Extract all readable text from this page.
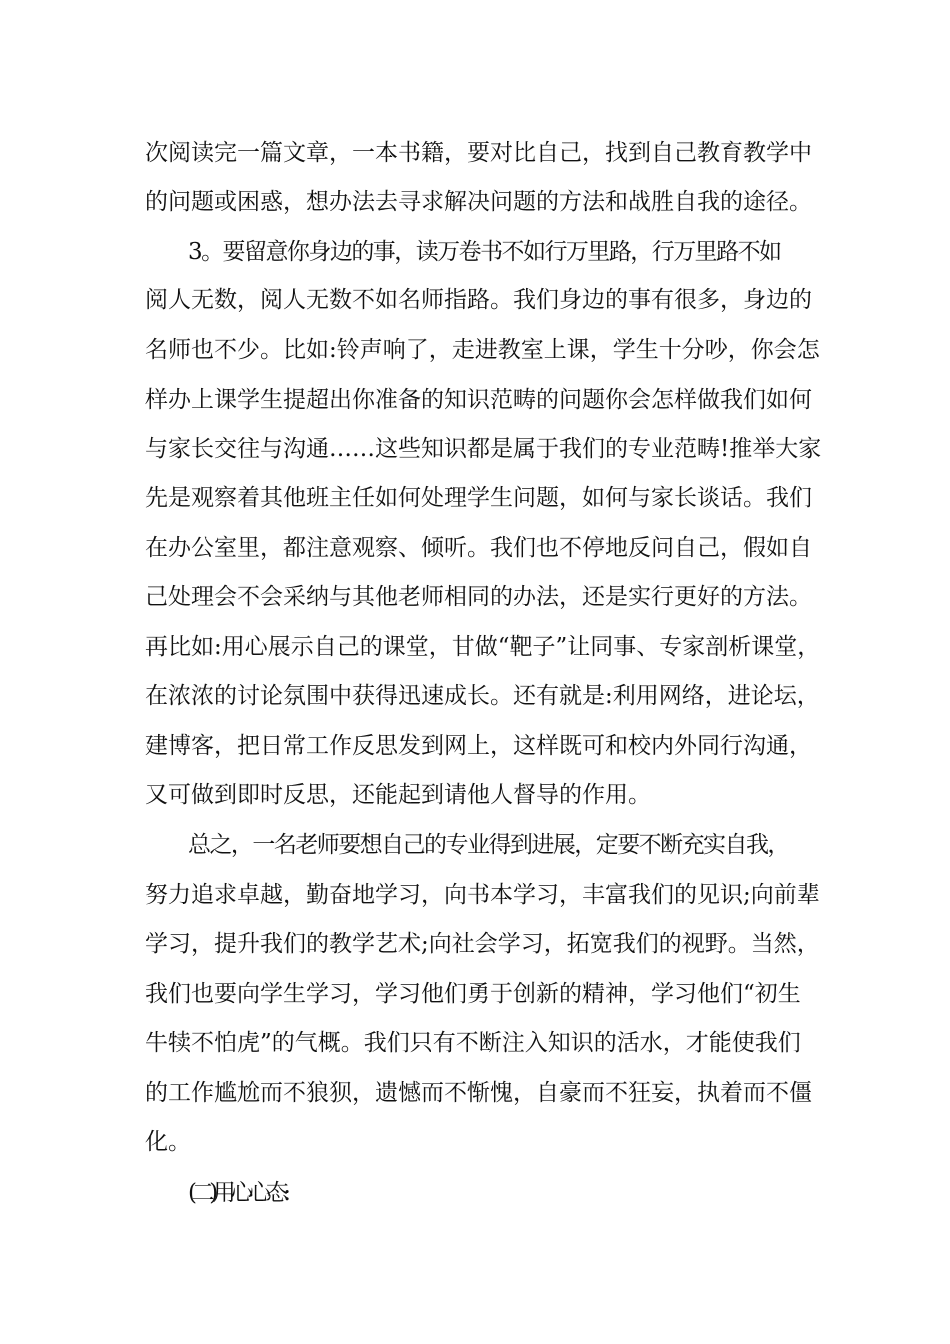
次阅读完一篇文章，一本书籍，要对比自己，找到自己教育教学中
的问题或困惑，想办法去寻求解决问题的方法和战胜自我的途径。
3。要留意你身边的事，读万卷书不如行万里路，行万里路不如
阅人无数，阅人无数不如名师指路。我们身边的事有很多，身边的
名师也不少。比如:铃声响了，走进教室上课，学生十分吵，你会怎
样办上课学生提超出你准备的知识范畴的问题你会怎样做我们如何
与家长交往与沟通……这些知识都是属于我们的专业范畴!推举大家
先是观察着其他班主任如何处理学生问题，如何与家长谈话。我们
在办公室里，都注意观察、倾听。我们也不停地反问自己，假如自
己处理会不会采纳与其他老师相同的办法，还是实行更好的方法。
再比如:用心展示自己的课堂，甘做“靶子”让同事、专家剖析课堂，
在浓浓的讨论氛围中获得迅速成长。还有就是:利用网络，进论坛，
建博客，把日常工作反思发到网上，这样既可和校内外同行沟通，
又可做到即时反思，还能起到请他人督导的作用。
总之，一名老师要想自己的专业得到进展，定要不断充实自我，
努力追求卓越，勤奋地学习，向书本学习，丰富我们的见识;向前辈
学习，提升我们的教学艺术;向社会学习，拓宽我们的视野。当然，
我们也要向学生学习，学习他们勇于创新的精神，学习他们“初生
牛犊不怕虎”的气概。我们只有不断注入知识的活水，才能使我们
的工作尴尬而不狼狈，遗憾而不惭愧，自豪而不狂妄，执着而不僵
化。
(二)用心心态:
